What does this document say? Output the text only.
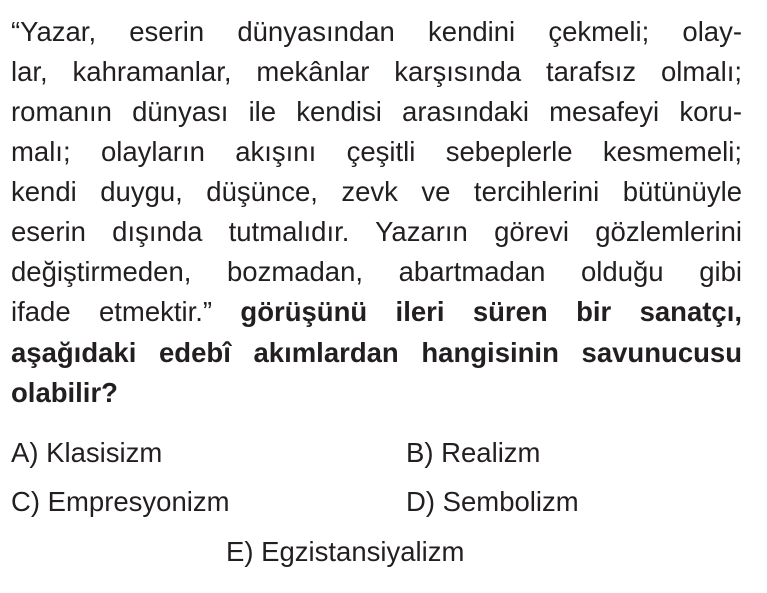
“Yazar, eserin dünyasından kendini çekmeli; olay-
lar, kahramanlar, mekânlar karşısında tarafsız olmalı;
romanın dünyası ile kendisi arasındaki mesafeyi koru-
malı; olayların akışını çeşitli sebeplerle kesmemeli;
kendi duygu, düşünce, zevk ve tercihlerini bütünüyle
eserin dışında tutmalıdır. Yazarın görevi gözlemlerini
değiştirmeden, bozmadan, abartmadan olduğu gibi
ifade etmektir.” görüşünü ileri süren bir sanatçı,
aşağıdaki edebî akımlardan hangisinin savunucusu
olabilir?
A) Klasisizm	B) Realizm
C) Empresyonizm	D) Sembolizm
E) Egzistansiyalizm
